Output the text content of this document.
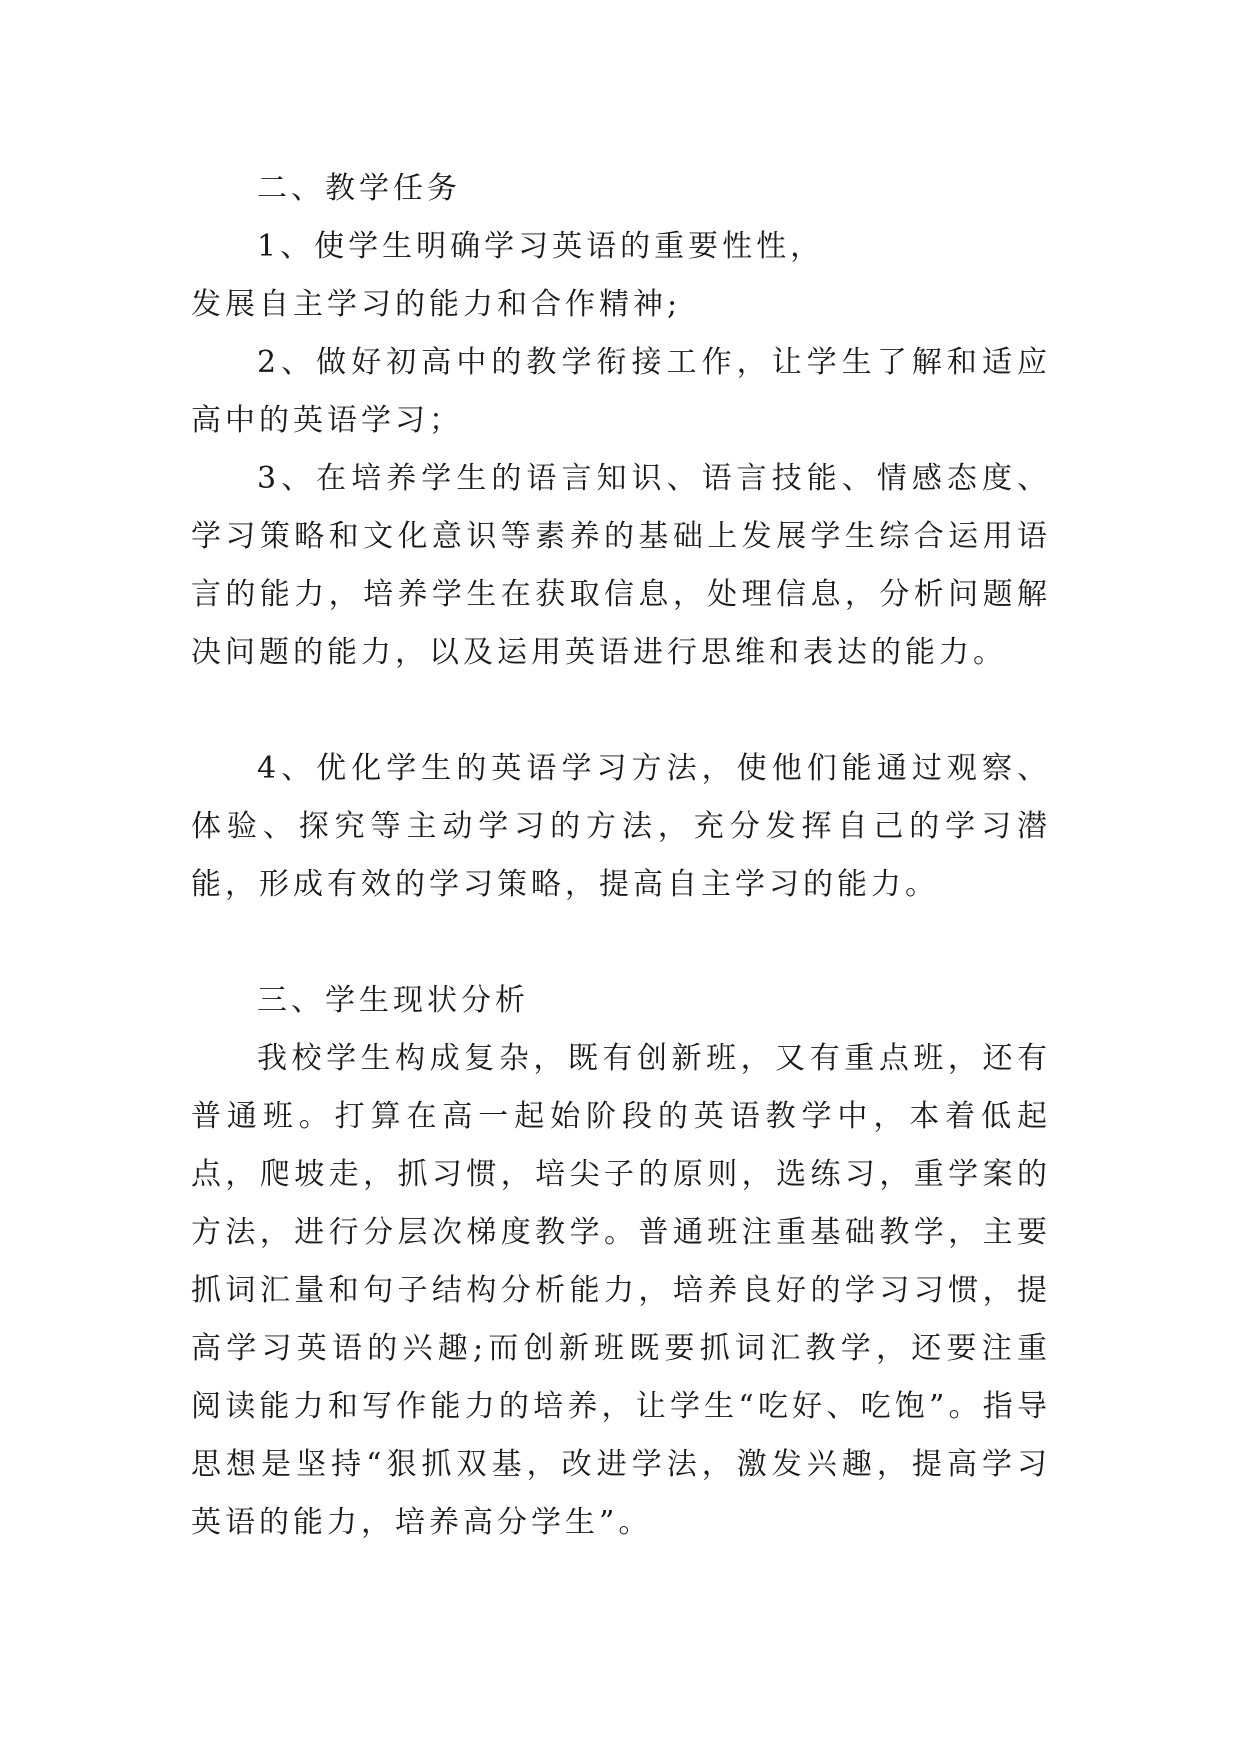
二、教学任务

1、使学生明确学习英语的重要性性，

发展自主学习的能力和合作精神;

2、做好初高中的教学衔接工作，让学生了解和适应高中的英语学习；

3、在培养学生的语言知识、语言技能、情感态度、学习策略和文化意识等素养的基础上发展学生综合运用语言的能力，培养学生在获取信息，处理信息，分析问题解决问题的能力，以及运用英语进行思维和表达的能力。

4、优化学生的英语学习方法，使他们能通过观察、体验、探究等主动学习的方法，充分发挥自己的学习潜能，形成有效的学习策略，提高自主学习的能力。

三、学生现状分析

我校学生构成复杂，既有创新班，又有重点班，还有普通班。打算在高一起始阶段的英语教学中，本着低起点，爬坡走，抓习惯，培尖子的原则，选练习，重学案的方法，进行分层次梯度教学。普通班注重基础教学，主要抓词汇量和句子结构分析能力，培养良好的学习习惯，提高学习英语的兴趣;而创新班既要抓词汇教学，还要注重阅读能力和写作能力的培养，让学生“吃好、吃饱”。指导思想是坚持“狠抓双基，改进学法，激发兴趣，提高学习英语的能力，培养高分学生”。
